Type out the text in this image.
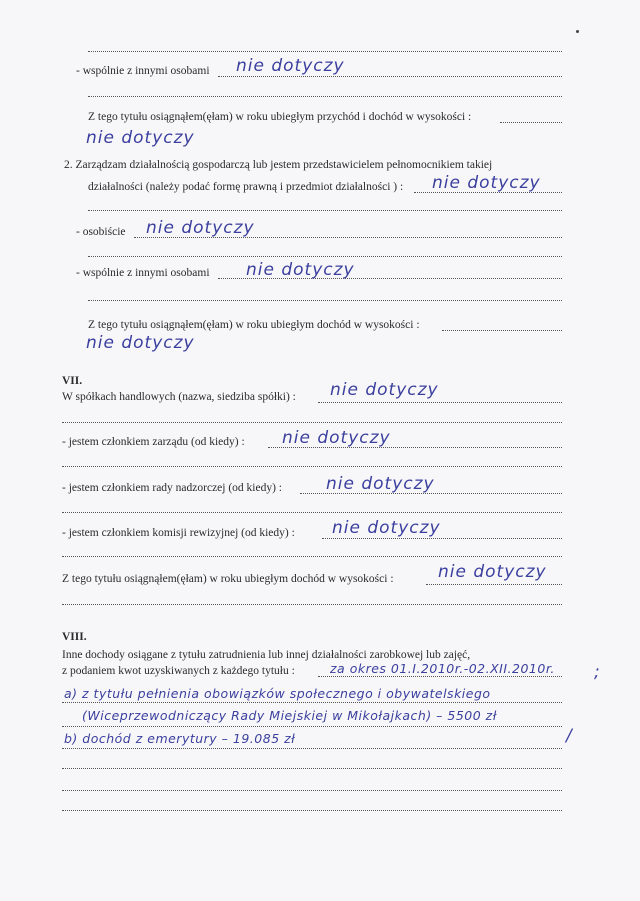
- wspólnie z innymi osobami nie dotyczy
Z tego tytułu osiągnąłem(ęłam) w roku ubiegłym przychód i dochód w wysokości :
nie dotyczy
2. Zarządzam działalnością gospodarczą lub jestem przedstawicielem pełnomocnikiem takiej
działalności (należy podać formę prawną i przedmiot działalności ) : nie dotyczy
- osobiście nie dotyczy
- wspólnie z innymi osobami nie dotyczy
Z tego tytułu osiągnąłem(ęłam) w roku ubiegłym dochód w wysokości :
nie dotyczy
VII.
W spółkach handlowych (nazwa, siedziba spółki) : nie dotyczy
- jestem członkiem zarządu (od kiedy) : nie dotyczy
- jestem członkiem rady nadzorczej (od kiedy) :	nie dotyczy
- jestem członkiem komisji rewizyjnej (od kiedy) : nie dotyczy
Z tego tytułu osiągnąłem(ęłam) w roku ubiegłym dochód w wysokości :	nie dotyczy
VIII.
Inne dochody osiągane z tytułu zatrudnienia lub innej działalności zarobkowej lub zajęć,
z podaniem kwot uzyskiwanych z każdego tytułu :	za okres 01.I.2010r.-02.XII.2010r. ;
a) z tytułu pełnienia obowiązków społecznego i obywatelskiego
(Wiceprzewodniczący Rady Miejskiej w Mikołajkach) – 5500 zł
b) dochód z emerytury – 19.085 zł	/
